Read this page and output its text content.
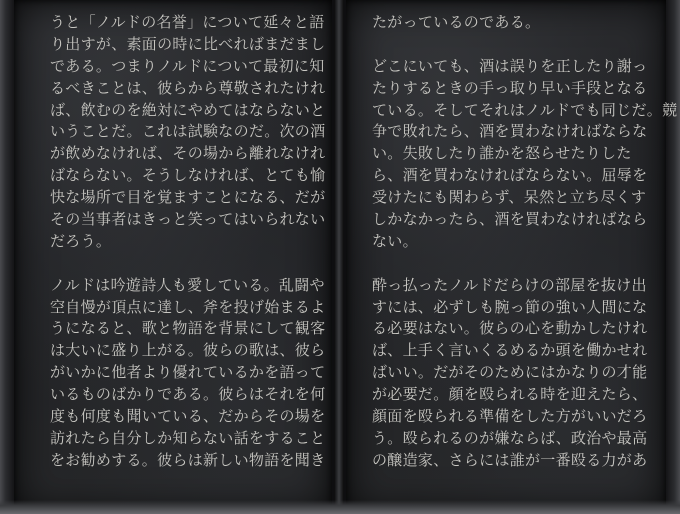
うと「ノルドの名誉」について延々と語
り出すが、素面の時に比べればまだまし
である。つまりノルドについて最初に知
るべきことは、彼らから尊敬されたけれ
ば、飲むのを絶対にやめてはならないと
いうことだ。これは試験なのだ。次の酒
が飲めなければ、その場から離れなけれ
ばならない。そうしなければ、とても愉
快な場所で目を覚ますことになる、だが
その当事者はきっと笑ってはいられない
だろう。
ノルドは吟遊詩人も愛している。乱闘や
空自慢が頂点に達し、斧を投げ始まるよ
うになると、歌と物語を背景にして観客
は大いに盛り上がる。彼らの歌は、彼ら
がいかに他者より優れているかを語って
いるものばかりである。彼らはそれを何
度も何度も聞いている、だからその場を
訪れたら自分しか知らない話をすること
をお勧めする。彼らは新しい物語を聞き
たがっているのである。
どこにいても、酒は誤りを正したり謝っ
たりするときの手っ取り早い手段となる
ている。そしてそれはノルドでも同じだ。競
争で敗れたら、酒を買わなければならな
い。失敗したり誰かを怒らせたりした
ら、酒を買わなければならない。屈辱を
受けたにも関わらず、呆然と立ち尽くす
しかなかったら、酒を買わなければなら
ない。
酔っ払ったノルドだらけの部屋を抜け出
すには、必ずしも腕っ節の強い人間にな
る必要はない。彼らの心を動かしたけれ
ば、上手く言いくるめるか頭を働かせれ
ばいい。だがそのためにはかなりの才能
が必要だ。顔を殴られる時を迎えたら、
顔面を殴られる準備をした方がいいだろ
う。殴られるのが嫌ならば、政治や最高
の醸造家、さらには誰が一番殴る力があ
